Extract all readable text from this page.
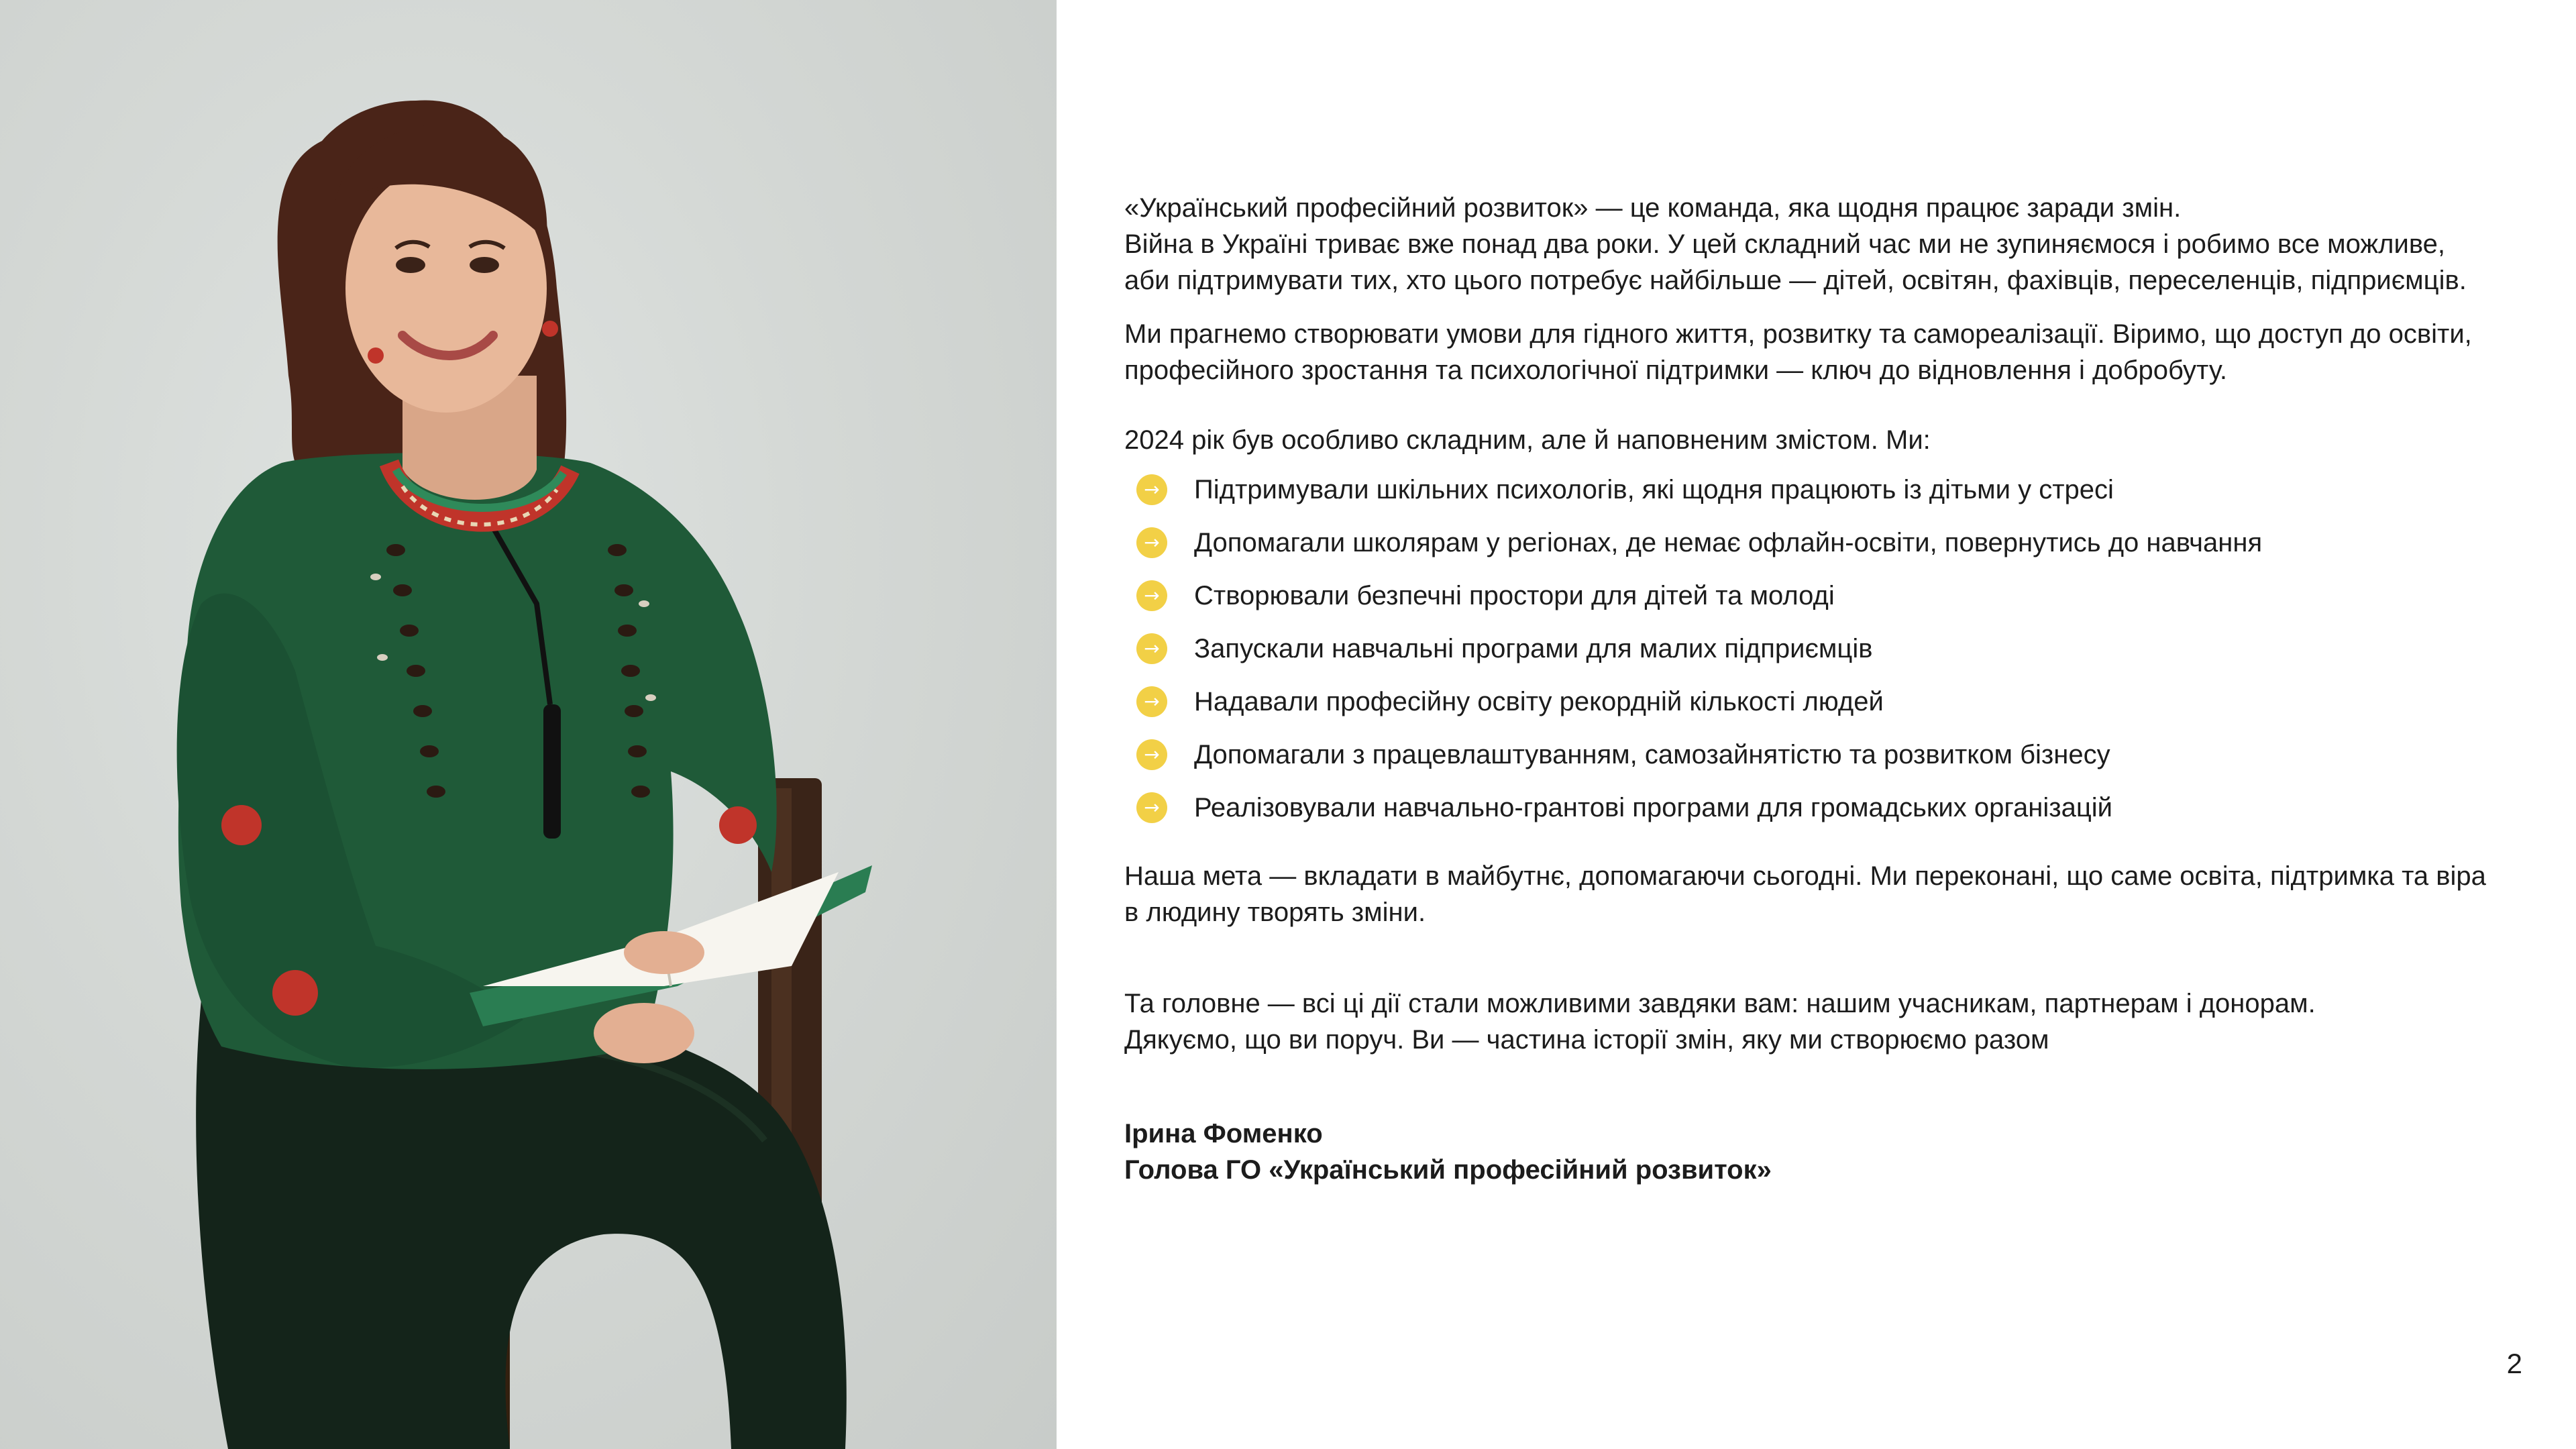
«Український професійний розвиток» — це команда, яка щодня працює заради змін.
Війна в Україні триває вже понад два роки. У цей складний час ми не зупиняємося і робимо все можливе, аби підтримувати тих, хто цього потребує найбільше — дітей, освітян, фахівців, переселенців, підприємців.

Ми прагнемо створювати умови для гідного життя, розвитку та самореалізації. Віримо, що доступ до освіти, професійного зростання та психологічної підтримки — ключ до відновлення і добробуту.

2024 рік був особливо складним, але й наповненим змістом. Ми:

→ Підтримували шкільних психологів, які щодня працюють із дітьми у стресі
→ Допомагали школярам у регіонах, де немає офлайн-освіти, повернутись до навчання
→ Створювали безпечні простори для дітей та молоді
→ Запускали навчальні програми для малих підприємців
→ Надавали професійну освіту рекордній кількості людей
→ Допомагали з працевлаштуванням, самозайнятістю та розвитком бізнесу
→ Реалізовували навчально-грантові програми для громадських організацій

Наша мета — вкладати в майбутнє, допомагаючи сьогодні. Ми переконані, що саме освіта, підтримка та віра в людину творять зміни.

Та головне — всі ці дії стали можливими завдяки вам: нашим учасникам, партнерам і донорам.
Дякуємо, що ви поруч. Ви — частина історії змін, яку ми створюємо разом

Ірина Фоменко
Голова ГО «Український професійний розвиток»
2
